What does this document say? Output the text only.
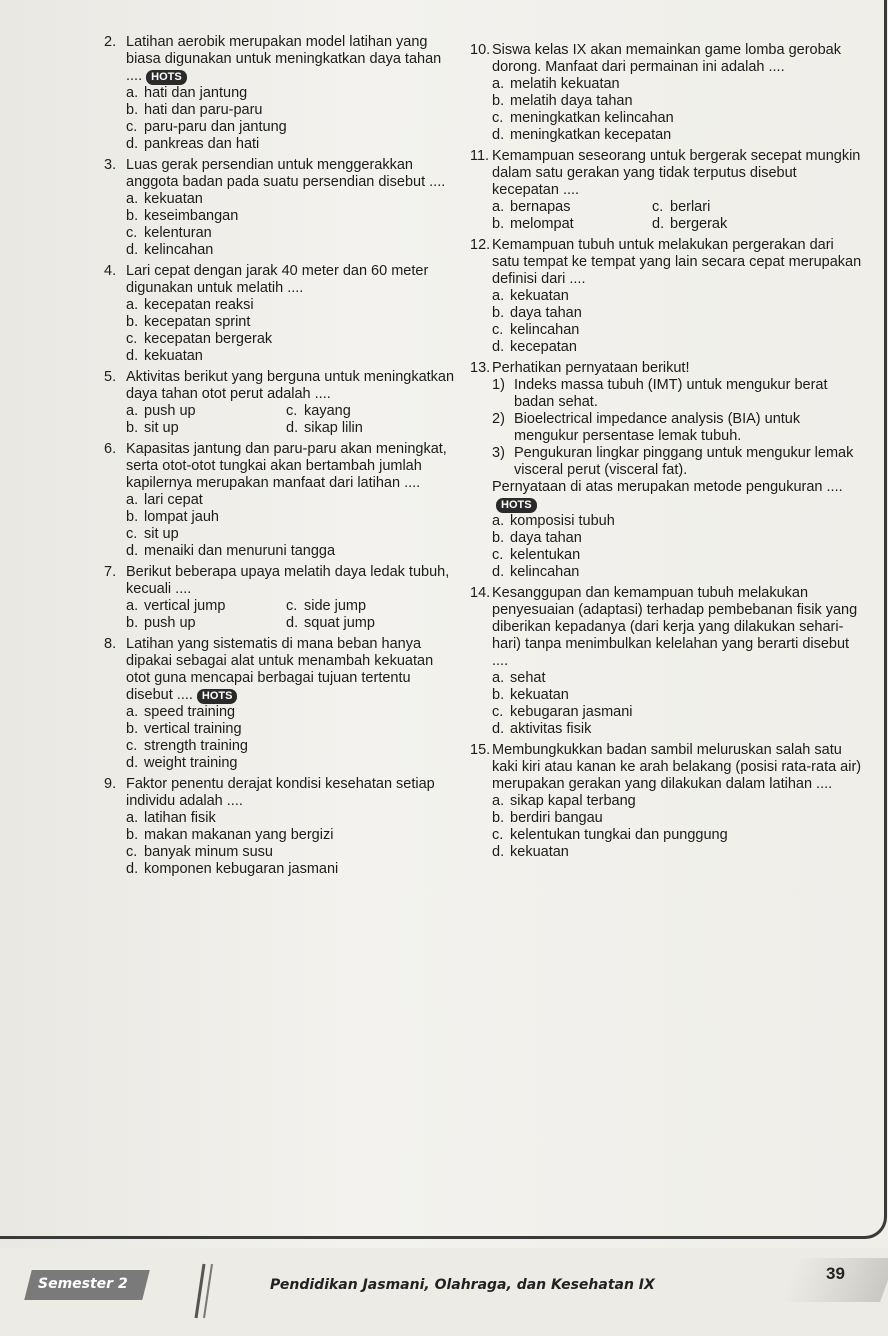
2. Latihan aerobik merupakan model latihan yang biasa digunakan untuk meningkatkan daya tahan .... HOTS
a. hati dan jantung
b. hati dan paru-paru
c. paru-paru dan jantung
d. pankreas dan hati
3. Luas gerak persendian untuk menggerakkan anggota badan pada suatu persendian disebut ....
a. kekuatan
b. keseimbangan
c. kelenturan
d. kelincahan
4. Lari cepat dengan jarak 40 meter dan 60 meter digunakan untuk melatih ....
a. kecepatan reaksi
b. kecepatan sprint
c. kecepatan bergerak
d. kekuatan
5. Aktivitas berikut yang berguna untuk meningkatkan daya tahan otot perut adalah ....
a. push up	c. kayang
b. sit up	d. sikap lilin
6. Kapasitas jantung dan paru-paru akan meningkat, serta otot-otot tungkai akan bertambah jumlah kapilernya merupakan manfaat dari latihan ....
a. lari cepat
b. lompat jauh
c. sit up
d. menaiki dan menuruni tangga
7. Berikut beberapa upaya melatih daya ledak tubuh, kecuali ....
a. vertical jump	c. side jump
b. push up	d. squat jump
8. Latihan yang sistematis di mana beban hanya dipakai sebagai alat untuk menambah kekuatan otot guna mencapai berbagai tujuan tertentu disebut .... HOTS
a. speed training
b. vertical training
c. strength training
d. weight training
9. Faktor penentu derajat kondisi kesehatan setiap individu adalah ....
a. latihan fisik
b. makan makanan yang bergizi
c. banyak minum susu
d. komponen kebugaran jasmani
10. Siswa kelas IX akan memainkan game lomba gerobak dorong. Manfaat dari permainan ini adalah ....
a. melatih kekuatan
b. melatih daya tahan
c. meningkatkan kelincahan
d. meningkatkan kecepatan
11. Kemampuan seseorang untuk bergerak secepat mungkin dalam satu gerakan yang tidak terputus disebut kecepatan ....
a. bernapas	c. berlari
b. melompat	d. bergerak
12. Kemampuan tubuh untuk melakukan pergerakan dari satu tempat ke tempat yang lain secara cepat merupakan definisi dari ....
a. kekuatan
b. daya tahan
c. kelincahan
d. kecepatan
13. Perhatikan pernyataan berikut!
1) Indeks massa tubuh (IMT) untuk mengukur berat badan sehat.
2) Bioelectrical impedance analysis (BIA) untuk mengukur persentase lemak tubuh.
3) Pengukuran lingkar pinggang untuk mengukur lemak visceral perut (visceral fat).
Pernyataan di atas merupakan metode pengukuran ....HOTS
a. komposisi tubuh
b. daya tahan
c. kelentukan
d. kelincahan
14. Kesanggupan dan kemampuan tubuh melakukan penyesuaian (adaptasi) terhadap pembebanan fisik yang diberikan kepadanya (dari kerja yang dilakukan sehari-hari) tanpa menimbulkan kelelahan yang berarti disebut ....
a. sehat
b. kekuatan
c. kebugaran jasmani
d. aktivitas fisik
15. Membungkukkan badan sambil meluruskan salah satu kaki kiri atau kanan ke arah belakang (posisi rata-rata air) merupakan gerakan yang dilakukan dalam latihan ....
a. sikap kapal terbang
b. berdiri bangau
c. kelentukan tungkai dan punggung
d. kekuatan
Semester 2	Pendidikan Jasmani, Olahraga, dan Kesehatan IX
39
